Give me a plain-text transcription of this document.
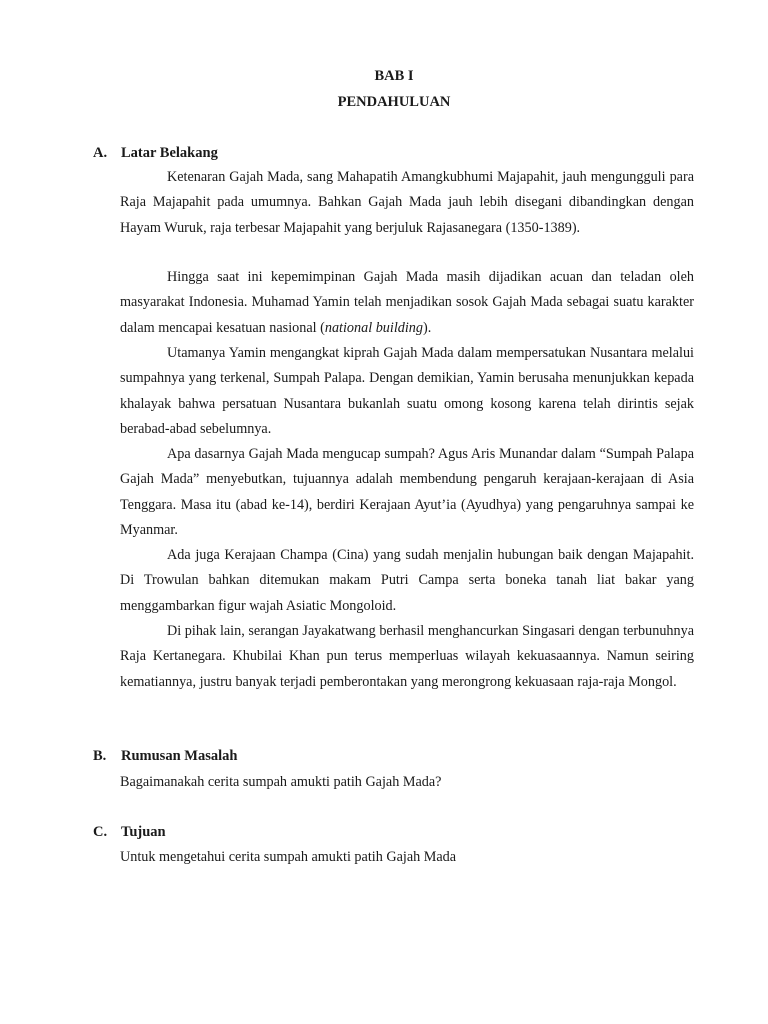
BAB I
PENDAHULUAN
A. Latar Belakang

Ketenaran Gajah Mada, sang Mahapatih Amangkubhumi Majapahit, jauh mengungguli para Raja Majapahit pada umumnya. Bahkan Gajah Mada jauh lebih disegani dibandingkan dengan Hayam Wuruk, raja terbesar Majapahit yang berjuluk Rajasanegara (1350-1389).

Hingga saat ini kepemimpinan Gajah Mada masih dijadikan acuan dan teladan oleh masyarakat Indonesia. Muhamad Yamin telah menjadikan sosok Gajah Mada sebagai suatu karakter dalam mencapai kesatuan nasional (national building).

Utamanya Yamin mengangkat kiprah Gajah Mada dalam mempersatukan Nusantara melalui sumpahnya yang terkenal, Sumpah Palapa. Dengan demikian, Yamin berusaha menunjukkan kepada khalayak bahwa persatuan Nusantara bukanlah suatu omong kosong karena telah dirintis sejak berabad-abad sebelumnya.

Apa dasarnya Gajah Mada mengucap sumpah? Agus Aris Munandar dalam “Sumpah Palapa Gajah Mada” menyebutkan, tujuannya adalah membendung pengaruh kerajaan-kerajaan di Asia Tenggara. Masa itu (abad ke-14), berdiri Kerajaan Ayut’ia (Ayudhya) yang pengaruhnya sampai ke Myanmar.

Ada juga Kerajaan Champa (Cina) yang sudah menjalin hubungan baik dengan Majapahit. Di Trowulan bahkan ditemukan makam Putri Campa serta boneka tanah liat bakar yang menggambarkan figur wajah Asiatic Mongoloid.

Di pihak lain, serangan Jayakatwang berhasil menghancurkan Singasari dengan terbunuhnya Raja Kertanegara. Khubilai Khan pun terus memperluas wilayah kekuasaannya. Namun seiring kematiannya, justru banyak terjadi pemberontakan yang merongrong kekuasaan raja-raja Mongol.

B. Rumusan Masalah

Bagaimanakah cerita sumpah amukti patih Gajah Mada?

C. Tujuan

Untuk mengetahui cerita sumpah amukti patih Gajah Mada
